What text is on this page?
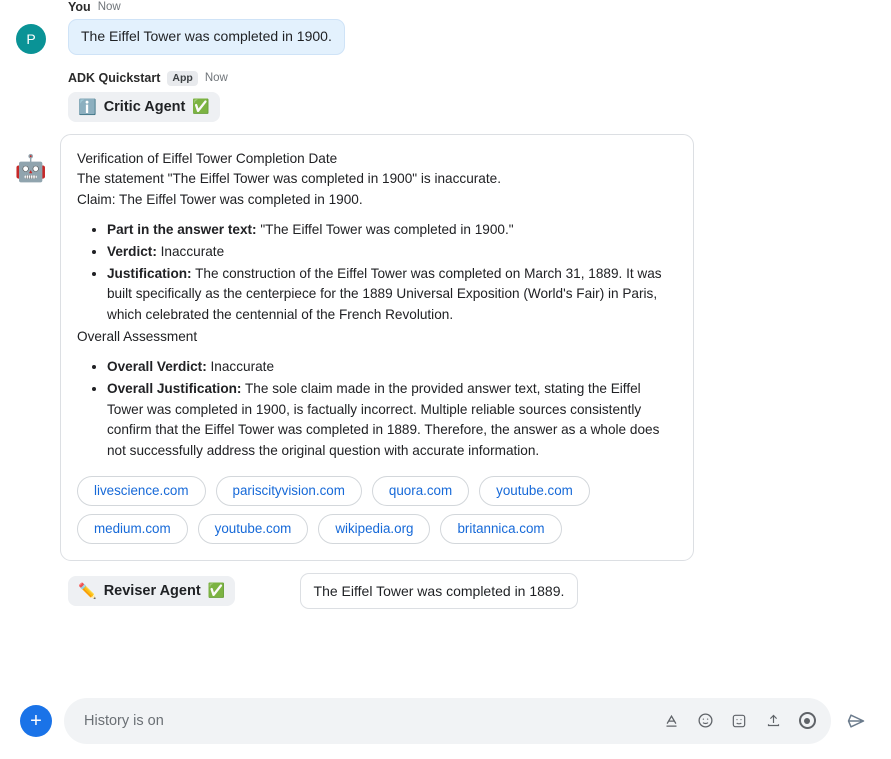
P
You Now
The Eiffel Tower was completed in 1900.
🤖
ADK Quickstart	App	Now
ℹ️ Critic Agent ✅

Verification of Eiffel Tower Completion Date

The statement "The Eiffel Tower was completed in 1900" is inaccurate.

Claim: The Eiffel Tower was completed in 1900.

• Part in the answer text: "The Eiffel Tower was completed in 1900."
• Verdict: Inaccurate
• Justification: The construction of the Eiffel Tower was completed on March 31, 1889. It was built specifically as the centerpiece for the 1889 Universal Exposition (World's Fair) in Paris, which celebrated the centennial of the French Revolution.

Overall Assessment

• Overall Verdict: Inaccurate
• Overall Justification: The sole claim made in the provided answer text, stating the Eiffel Tower was completed in 1900, is factually incorrect. Multiple reliable sources consistently confirm that the Eiffel Tower was completed in 1889. Therefore, the answer as a whole does not successfully address the original question with accurate information.
livescience.com	pariscityvision.com	quora.com	youtube.com
medium.com	youtube.com	wikipedia.org	britannica.com
✏️ Reviser Agent ✅	The Eiffel Tower was completed in 1889.
+
History is on
